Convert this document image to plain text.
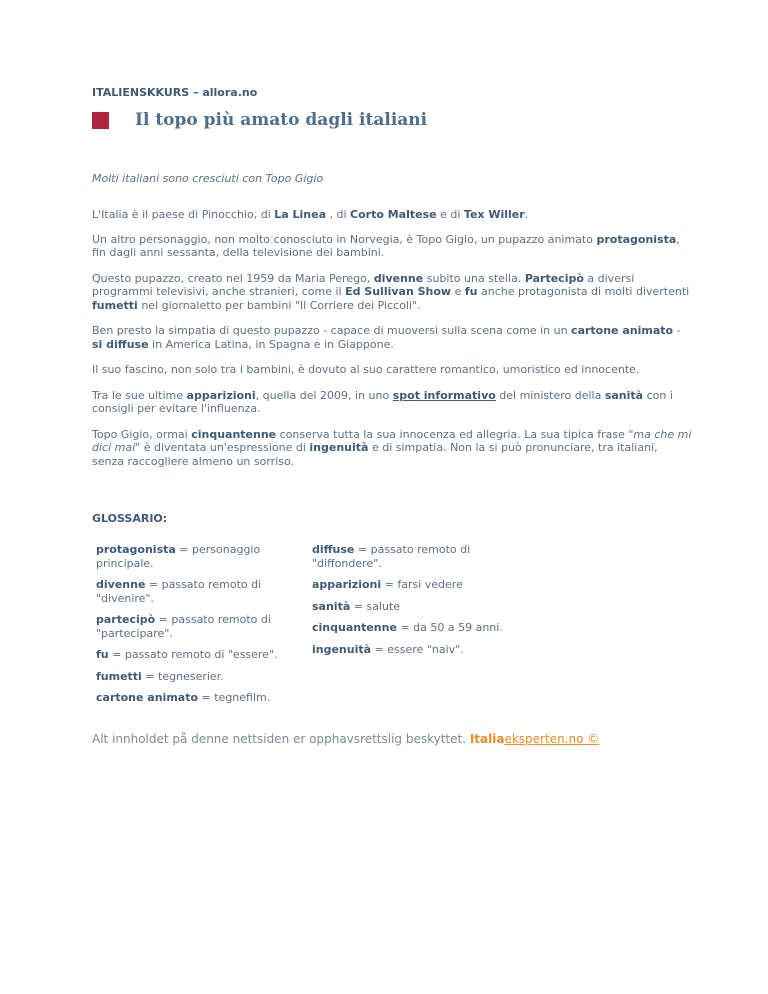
ITALIENSKKURS – allora.no
Il topo più amato dagli italiani

Molti italiani sono cresciuti con Topo Gigio

L'Italia è il paese di Pinocchio, di La Linea , di Corto Maltese e di Tex Willer.

Un altro personaggio, non molto conosciuto in Norvegia, è Topo Gigio, un pupazzo animato protagonista, fin dagli anni sessanta, della televisione dei bambini.

Questo pupazzo, creato nel 1959 da Maria Perego, divenne subito una stella. Partecipò a diversi programmi televisivi, anche stranieri, come il Ed Sullivan Show e fu anche protagonista di molti divertenti fumetti nel giornaletto per bambini "Il Corriere dei Piccoli".

Ben presto la simpatia di questo pupazzo - capace di muoversi sulla scena come in un cartone animato - si diffuse in America Latina, in Spagna e in Giappone.

Il suo fascino, non solo tra i bambini, è dovuto al suo carattere romantico, umoristico ed innocente.

Tra le sue ultime apparizioni, quella del 2009, in uno spot informativo del ministero della sanità con i consigli per evitare l'influenza.

Topo Gigio, ormai cinquantenne conserva tutta la sua innocenza ed allegria. La sua tipica frase "ma che mi dici mai" è diventata un'espressione di ingenuità e di simpatia. Non la si può pronunciare, tra italiani, senza raccogliere almeno un sorriso.

GLOSSARIO:
protagonista = personaggio principale.
divenne = passato remoto di "divenire".
partecipò = passato remoto di "partecipare".
fu = passato remoto di "essere".
fumetti = tegneserier.
cartone animato = tegnefilm.
diffuse = passato remoto di "diffondere".
apparizioni = farsi vedere
sanità = salute
cinquantenne = da 50 a 59 anni.
ingenuità = essere "naiv".
Alt innholdet på denne nettsiden er opphavsrettslig beskyttet. Italiaeksperten.no ©
